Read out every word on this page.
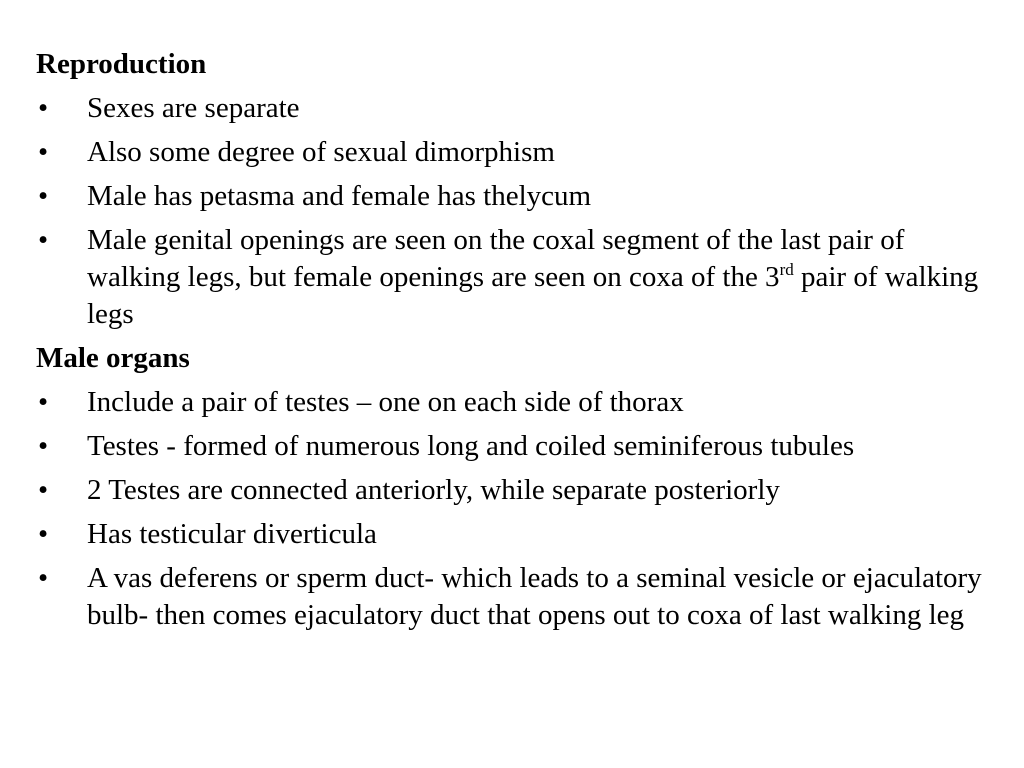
Reproduction
• Sexes are separate
• Also some degree of sexual dimorphism
• Male has petasma and female has thelycum
• Male genital openings are seen on the coxal segment of the last pair of walking legs, but female openings are seen on coxa of the 3rd pair of walking legs
Male organs
• Include a pair of testes – one on each side of thorax
• Testes - formed of numerous long and coiled seminiferous tubules
• 2 Testes are connected anteriorly, while separate posteriorly
• Has testicular diverticula
• A vas deferens or sperm duct- which leads to a seminal vesicle or ejaculatory bulb- then comes ejaculatory duct that opens out to coxa of last walking leg
